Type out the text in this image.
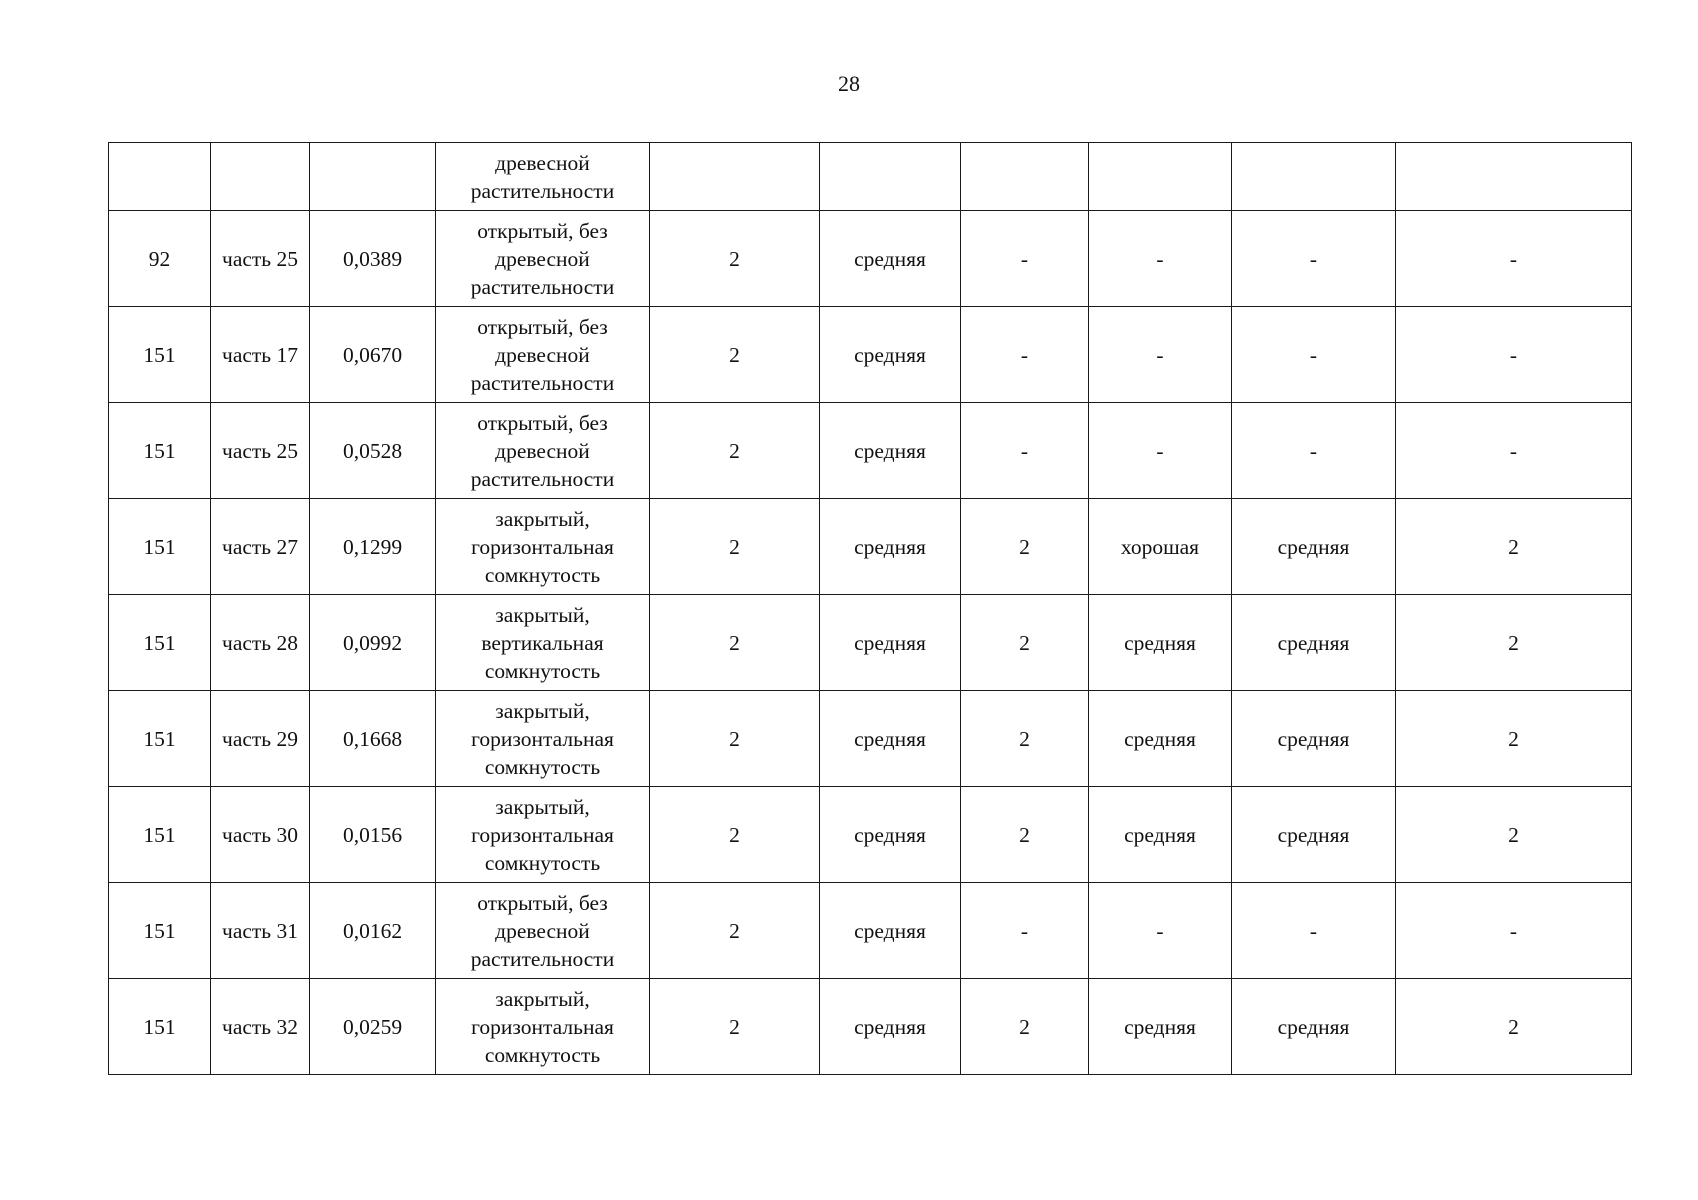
28
			древесной
растительности						
92	часть 25	0,0389	открытый, без
древесной
растительности	2	средняя	-	-	-	-
151	часть 17	0,0670	открытый, без
древесной
растительности	2	средняя	-	-	-	-
151	часть 25	0,0528	открытый, без
древесной
растительности	2	средняя	-	-	-	-
151	часть 27	0,1299	закрытый,
горизонтальная
сомкнутость	2	средняя	2	хорошая	средняя	2
151	часть 28	0,0992	закрытый,
вертикальная
сомкнутость	2	средняя	2	средняя	средняя	2
151	часть 29	0,1668	закрытый,
горизонтальная
сомкнутость	2	средняя	2	средняя	средняя	2
151	часть 30	0,0156	закрытый,
горизонтальная
сомкнутость	2	средняя	2	средняя	средняя	2
151	часть 31	0,0162	открытый, без
древесной
растительности	2	средняя	-	-	-	-
151	часть 32	0,0259	закрытый,
горизонтальная
сомкнутость	2	средняя	2	средняя	средняя	2
